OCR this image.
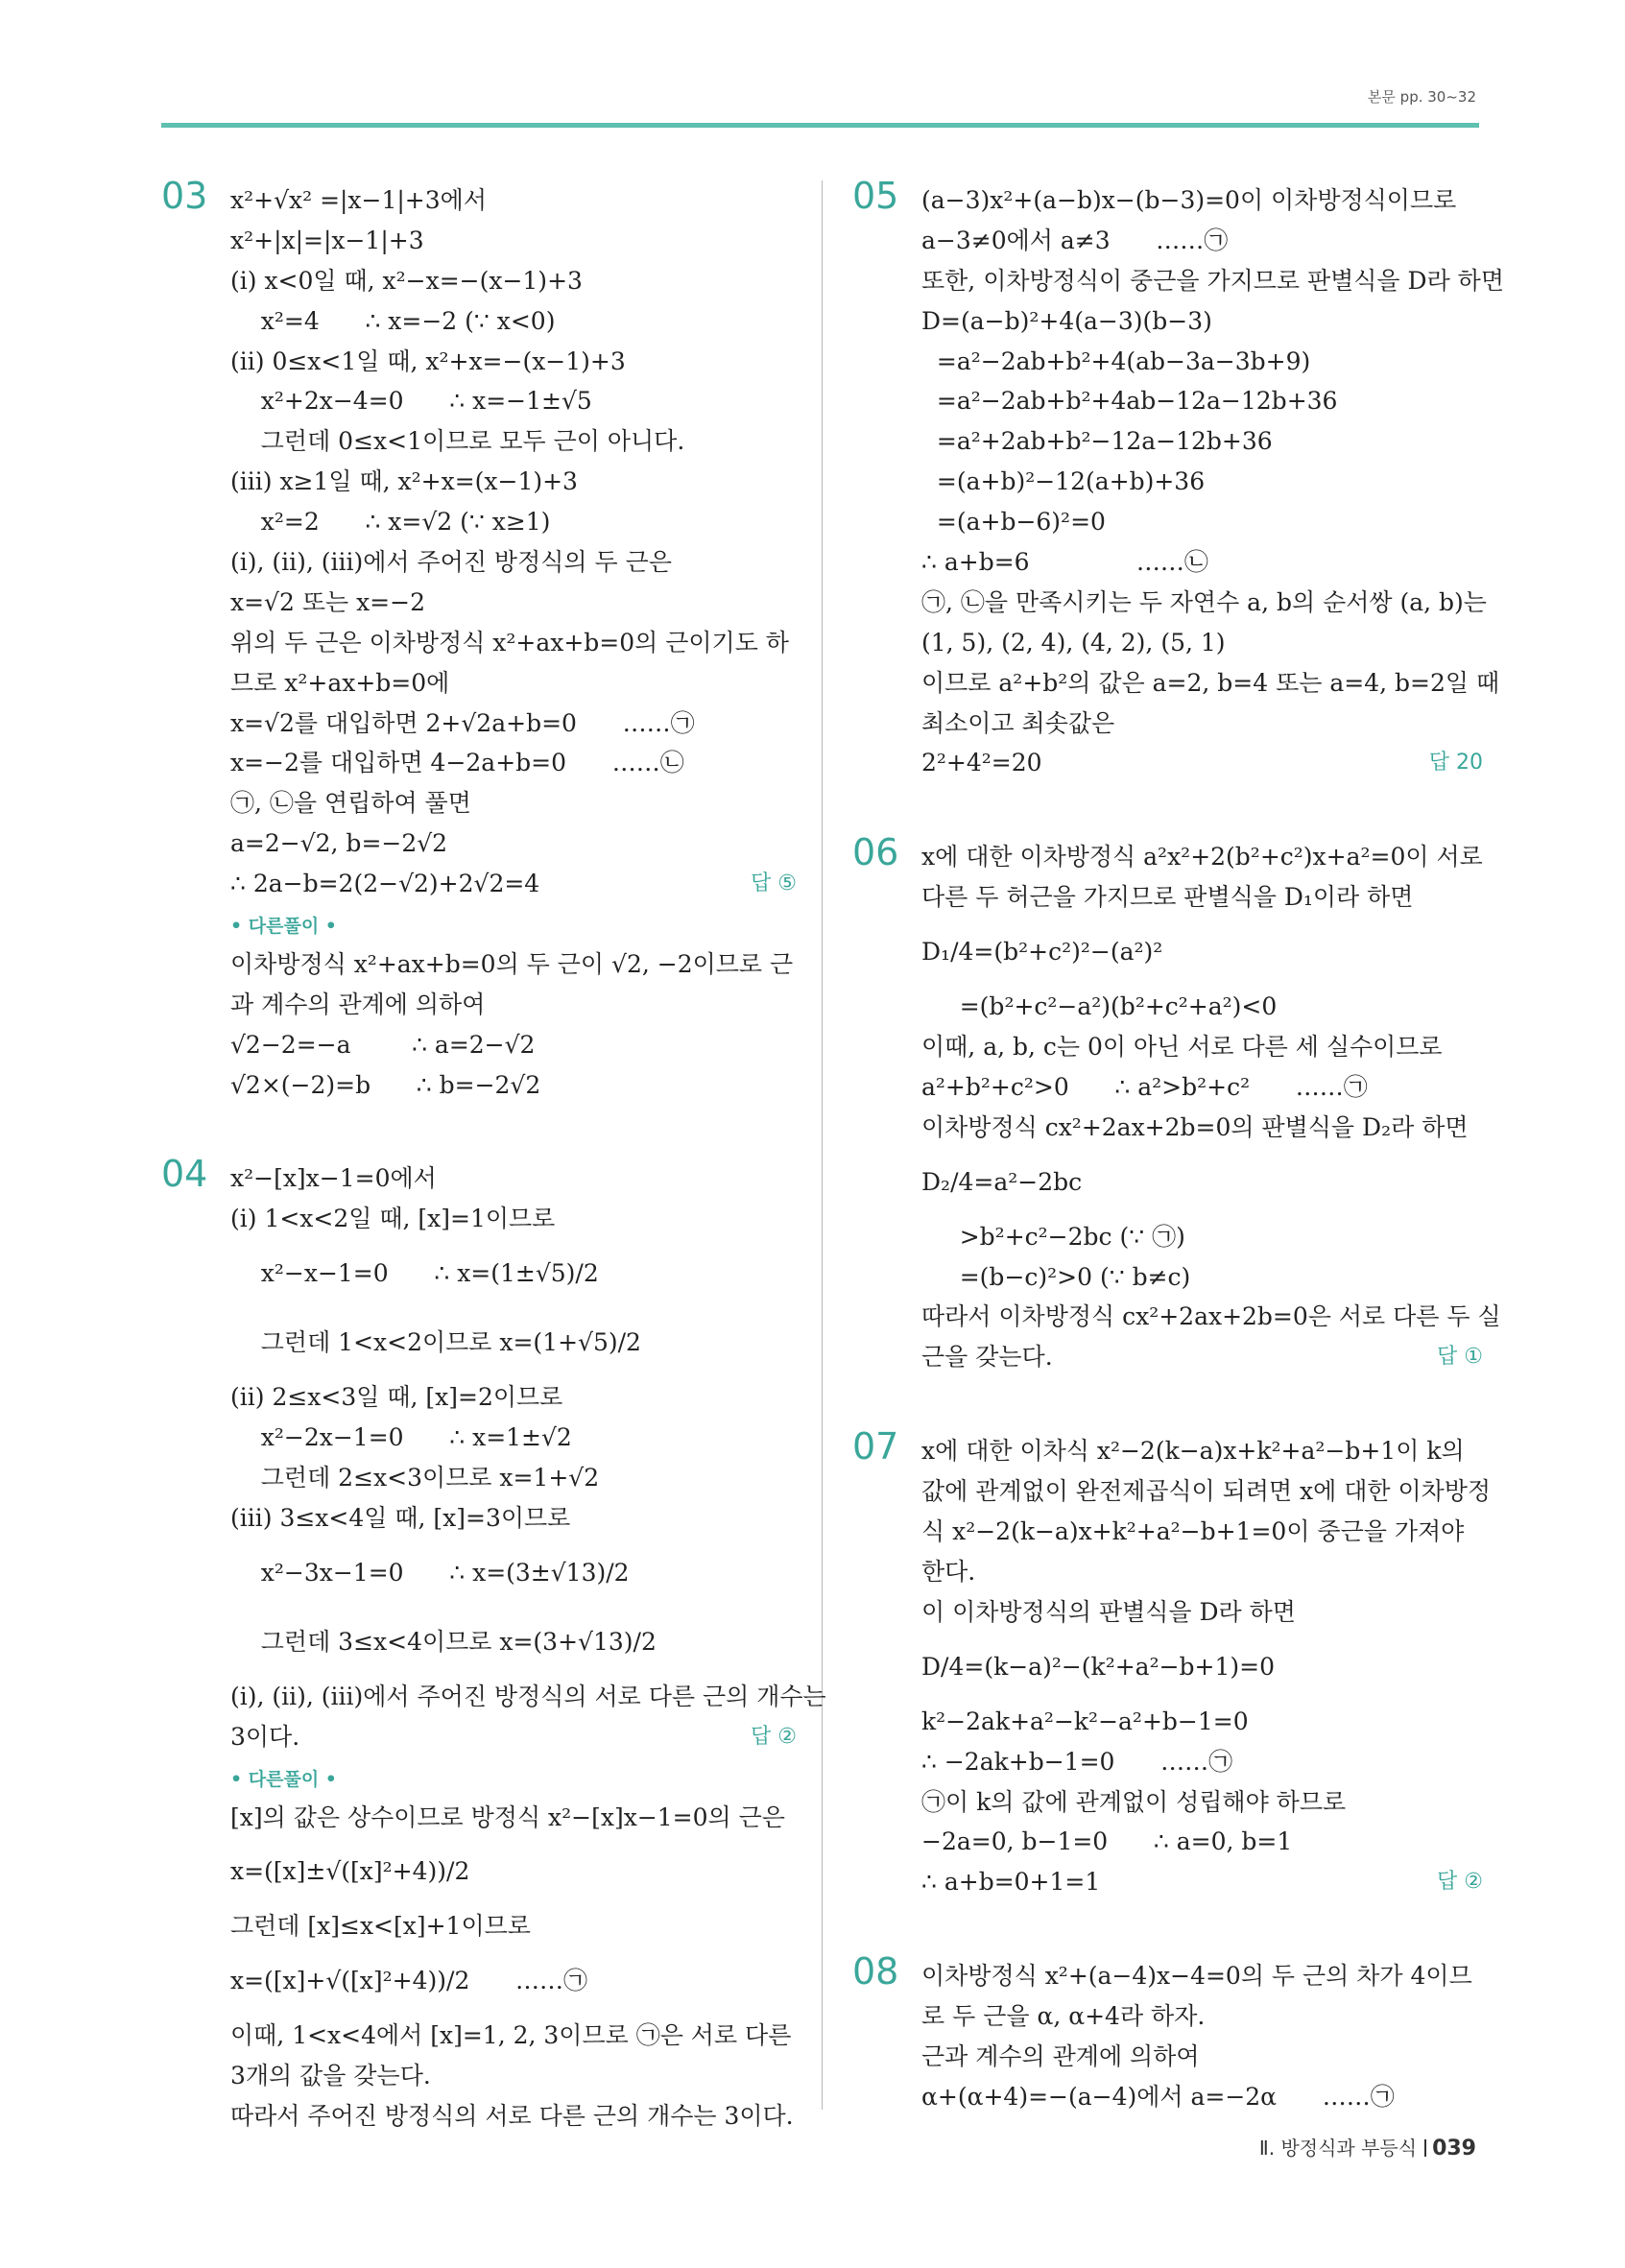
본문 pp. 30~32
03 x²+√x² =|x−1|+3에서
x²+|x|=|x−1|+3
(ⅰ) x<0일 때, x²−x=−(x−1)+3
x²=4      ∴ x=−2 (∵ x<0)
(ⅱ) 0≤x<1일 때, x²+x=−(x−1)+3
x²+2x−4=0      ∴ x=−1±√5
그런데 0≤x<1이므로 모두 근이 아니다.
(ⅲ) x≥1일 때, x²+x=(x−1)+3
x²=2      ∴ x=√2 (∵ x≥1)
(ⅰ), (ⅱ), (ⅲ)에서 주어진 방정식의 두 근은
x=√2 또는 x=−2
위의 두 근은 이차방정식 x²+ax+b=0의 근이기도 하
므로 x²+ax+b=0에
x=√2를 대입하면 2+√2a+b=0      ……㉠
x=−2를 대입하면 4−2a+b=0      ……㉡
㉠, ㉡을 연립하여 풀면
a=2−√2, b=−2√2
∴ 2a−b=2(2−√2)+2√2=4	답 ⑤
• 다른풀이 •
이차방정식 x²+ax+b=0의 두 근이 √2, −2이므로 근
과 계수의 관계에 의하여
√2−2=−a        ∴ a=2−√2
√2×(−2)=b      ∴ b=−2√2
04 x²−[x]x−1=0에서
(ⅰ) 1<x<2일 때, [x]=1이므로
x²−x−1=0      ∴ x=(1±√5)/2
그런데 1<x<2이므로 x=(1+√5)/2
(ⅱ) 2≤x<3일 때, [x]=2이므로
x²−2x−1=0      ∴ x=1±√2
그런데 2≤x<3이므로 x=1+√2
(ⅲ) 3≤x<4일 때, [x]=3이므로
x²−3x−1=0      ∴ x=(3±√13)/2
그런데 3≤x<4이므로 x=(3+√13)/2
(ⅰ), (ⅱ), (ⅲ)에서 주어진 방정식의 서로 다른 근의 개수는
3이다.	답 ②
• 다른풀이 •
[x]의 값은 상수이므로 방정식 x²−[x]x−1=0의 근은
x=([x]±√([x]²+4))/2
그런데 [x]≤x<[x]+1이므로
x=([x]+√([x]²+4))/2      ……㉠
이때, 1<x<4에서 [x]=1, 2, 3이므로 ㉠은 서로 다른
3개의 값을 갖는다.
따라서 주어진 방정식의 서로 다른 근의 개수는 3이다.
05 (a−3)x²+(a−b)x−(b−3)=0이 이차방정식이므로
a−3≠0에서 a≠3      ……㉠
또한, 이차방정식이 중근을 가지므로 판별식을 D라 하면
D=(a−b)²+4(a−3)(b−3)
=a²−2ab+b²+4(ab−3a−3b+9)
=a²−2ab+b²+4ab−12a−12b+36
=a²+2ab+b²−12a−12b+36
=(a+b)²−12(a+b)+36
=(a+b−6)²=0
∴ a+b=6              ……㉡
㉠, ㉡을 만족시키는 두 자연수 a, b의 순서쌍 (a, b)는
(1, 5), (2, 4), (4, 2), (5, 1)
이므로 a²+b²의 값은 a=2, b=4 또는 a=4, b=2일 때
최소이고 최솟값은
2²+4²=20	답 20
06 x에 대한 이차방정식 a²x²+2(b²+c²)x+a²=0이 서로
다른 두 허근을 가지므로 판별식을 D₁이라 하면
D₁/4=(b²+c²)²−(a²)²
=(b²+c²−a²)(b²+c²+a²)<0
이때, a, b, c는 0이 아닌 서로 다른 세 실수이므로
a²+b²+c²>0      ∴ a²>b²+c²      ……㉠
이차방정식 cx²+2ax+2b=0의 판별식을 D₂라 하면
D₂/4=a²−2bc
>b²+c²−2bc (∵ ㉠)
=(b−c)²>0 (∵ b≠c)
따라서 이차방정식 cx²+2ax+2b=0은 서로 다른 두 실
근을 갖는다.	답 ①
07 x에 대한 이차식 x²−2(k−a)x+k²+a²−b+1이 k의
값에 관계없이 완전제곱식이 되려면 x에 대한 이차방정
식 x²−2(k−a)x+k²+a²−b+1=0이 중근을 가져야
한다.
이 이차방정식의 판별식을 D라 하면
D/4=(k−a)²−(k²+a²−b+1)=0
k²−2ak+a²−k²−a²+b−1=0
∴ −2ak+b−1=0      ……㉠
㉠이 k의 값에 관계없이 성립해야 하므로
−2a=0, b−1=0      ∴ a=0, b=1
∴ a+b=0+1=1	답 ②
08 이차방정식 x²+(a−4)x−4=0의 두 근의 차가 4이므
로 두 근을 α, α+4라 하자.
근과 계수의 관계에 의하여
α+(α+4)=−(a−4)에서 a=−2α      ……㉠
Ⅱ. 방정식과 부등식 039
